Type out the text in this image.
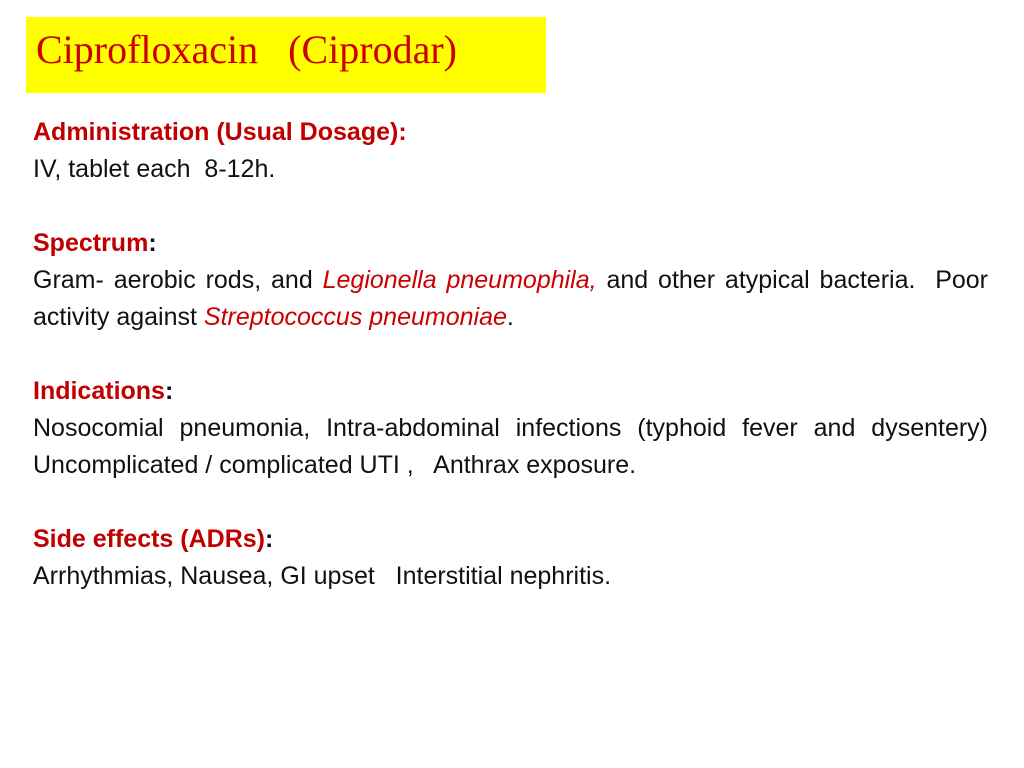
Ciprofloxacin   (Ciprodar)

Administration (Usual Dosage):

IV, tablet each  8-12h.

Spectrum:

Gram- aerobic rods, and Legionella pneumophila, and other atypical bacteria.  Poor activity against Streptococcus pneumoniae.

Indications:

Nosocomial pneumonia, Intra-abdominal infections (typhoid fever and dysentery)   Uncomplicated / complicated UTI ,   Anthrax exposure.

Side effects (ADRs):

Arrhythmias, Nausea, GI upset   Interstitial nephritis.
